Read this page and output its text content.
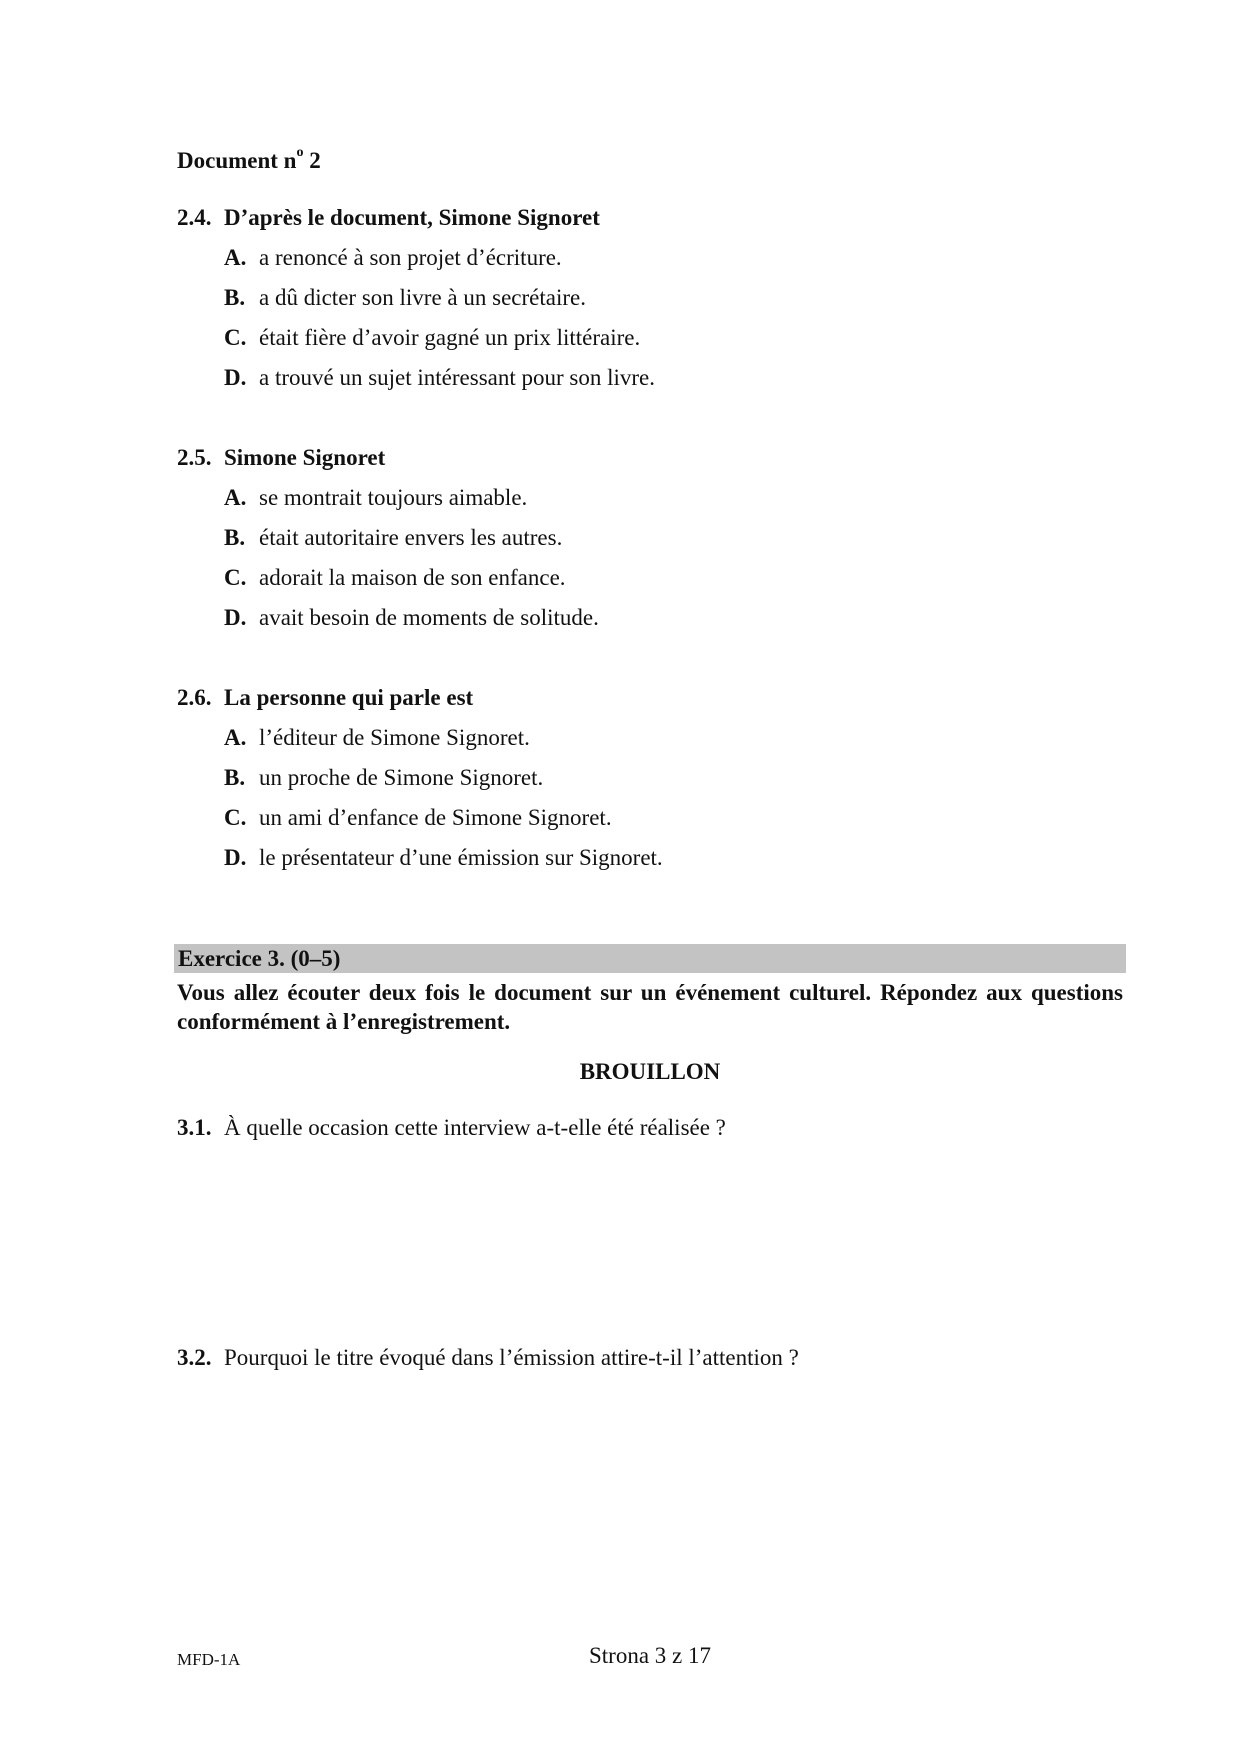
Document $n^o$ 2
2.4. D’après le document, Simone Signoret
A. a renoncé à son projet d’écriture.
B. a dû dicter son livre à un secrétaire.
C. était fière d’avoir gagné un prix littéraire.
D. a trouvé un sujet intéressant pour son livre.
2.5. Simone Signoret
A. se montrait toujours aimable.
B. était autoritaire envers les autres.
C. adorait la maison de son enfance.
D. avait besoin de moments de solitude.
2.6. La personne qui parle est
A. l’éditeur de Simone Signoret.
B. un proche de Simone Signoret.
C. un ami d’enfance de Simone Signoret.
D. le présentateur d’une émission sur Signoret.
Exercice 3. (0–5)
Vous allez écouter deux fois le document sur un événement culturel. Répondez aux questions conformément à l’enregistrement.
BROUILLON
3.1. À quelle occasion cette interview a-t-elle été réalisée ?
3.2. Pourquoi le titre évoqué dans l’émission attire-t-il l’attention ?
MFD-1A	Strona 3 z 17
